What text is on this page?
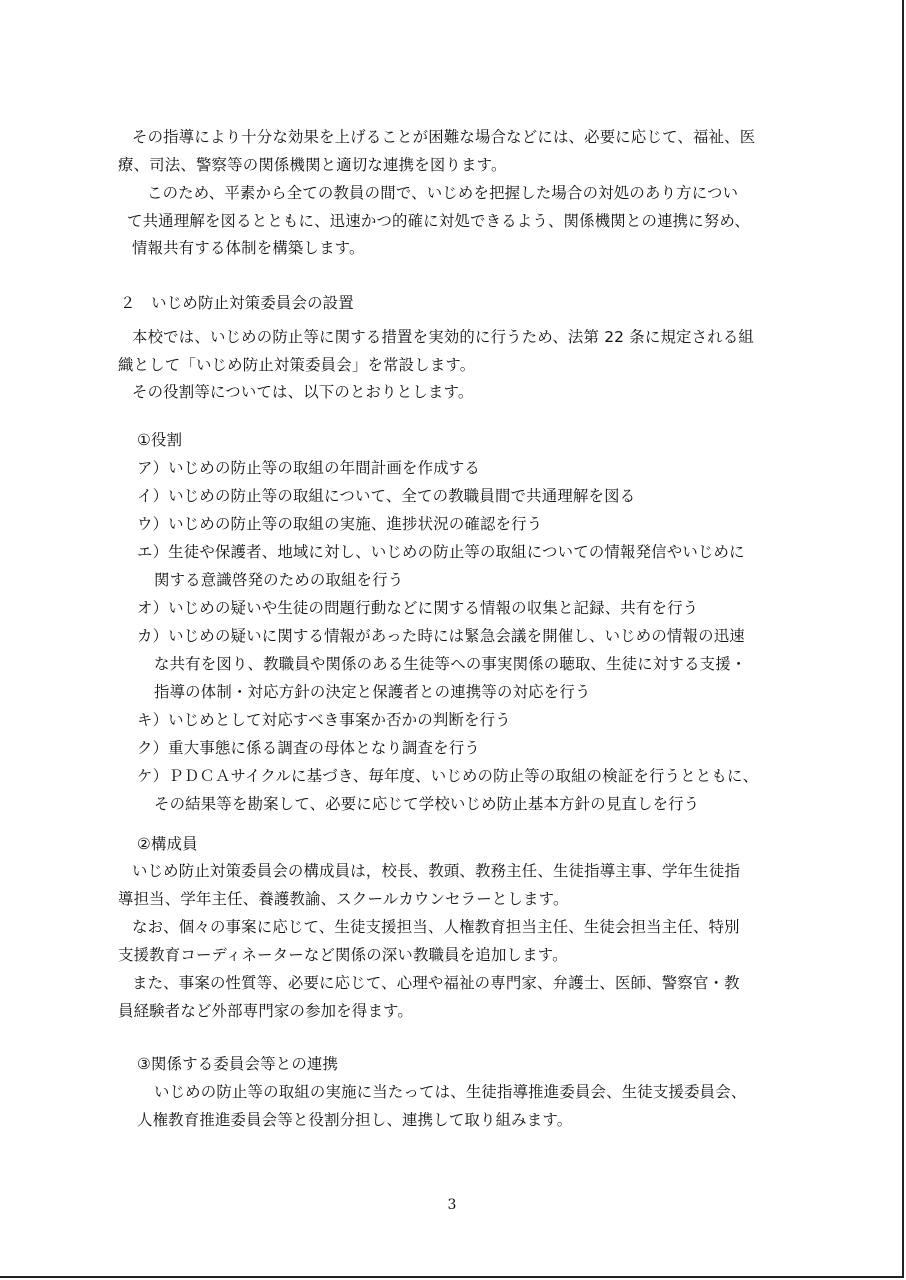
その指導により十分な効果を上げることが困難な場合などには、必要に応じて、福祉、医
療、司法、警察等の関係機関と適切な連携を図ります。
このため、平素から全ての教員の間で、いじめを把握した場合の対処のあり方につい
て共通理解を図るとともに、迅速かつ的確に対処できるよう、関係機関との連携に努め、
情報共有する体制を構築します。
２　いじめ防止対策委員会の設置
本校では、いじめの防止等に関する措置を実効的に行うため、法第 22 条に規定される組
織として「いじめ防止対策委員会」を常設します。
その役割等については、以下のとおりとします。
①役割
ア）いじめの防止等の取組の年間計画を作成する
イ）いじめの防止等の取組について、全ての教職員間で共通理解を図る
ウ）いじめの防止等の取組の実施、進捗状況の確認を行う
エ）生徒や保護者、地域に対し、いじめの防止等の取組についての情報発信やいじめに
関する意識啓発のための取組を行う
オ）いじめの疑いや生徒の問題行動などに関する情報の収集と記録、共有を行う
カ）いじめの疑いに関する情報があった時には緊急会議を開催し、いじめの情報の迅速
な共有を図り、教職員や関係のある生徒等への事実関係の聴取、生徒に対する支援・
指導の体制・対応方針の決定と保護者との連携等の対応を行う
キ）いじめとして対応すべき事案か否かの判断を行う
ク）重大事態に係る調査の母体となり調査を行う
ケ）ＰＤＣＡサイクルに基づき、毎年度、いじめの防止等の取組の検証を行うとともに、
その結果等を勘案して、必要に応じて学校いじめ防止基本方針の見直しを行う
②構成員
いじめ防止対策委員会の構成員は，校長、教頭、教務主任、生徒指導主事、学年生徒指
導担当、学年主任、養護教諭、スクールカウンセラーとします。
なお、個々の事案に応じて、生徒支援担当、人権教育担当主任、生徒会担当主任、特別
支援教育コーディネーターなど関係の深い教職員を追加します。
また、事案の性質等、必要に応じて、心理や福祉の専門家、弁護士、医師、警察官・教
員経験者など外部専門家の参加を得ます。
③関係する委員会等との連携
いじめの防止等の取組の実施に当たっては、生徒指導推進委員会、生徒支援委員会、
人権教育推進委員会等と役割分担し、連携して取り組みます。
3
